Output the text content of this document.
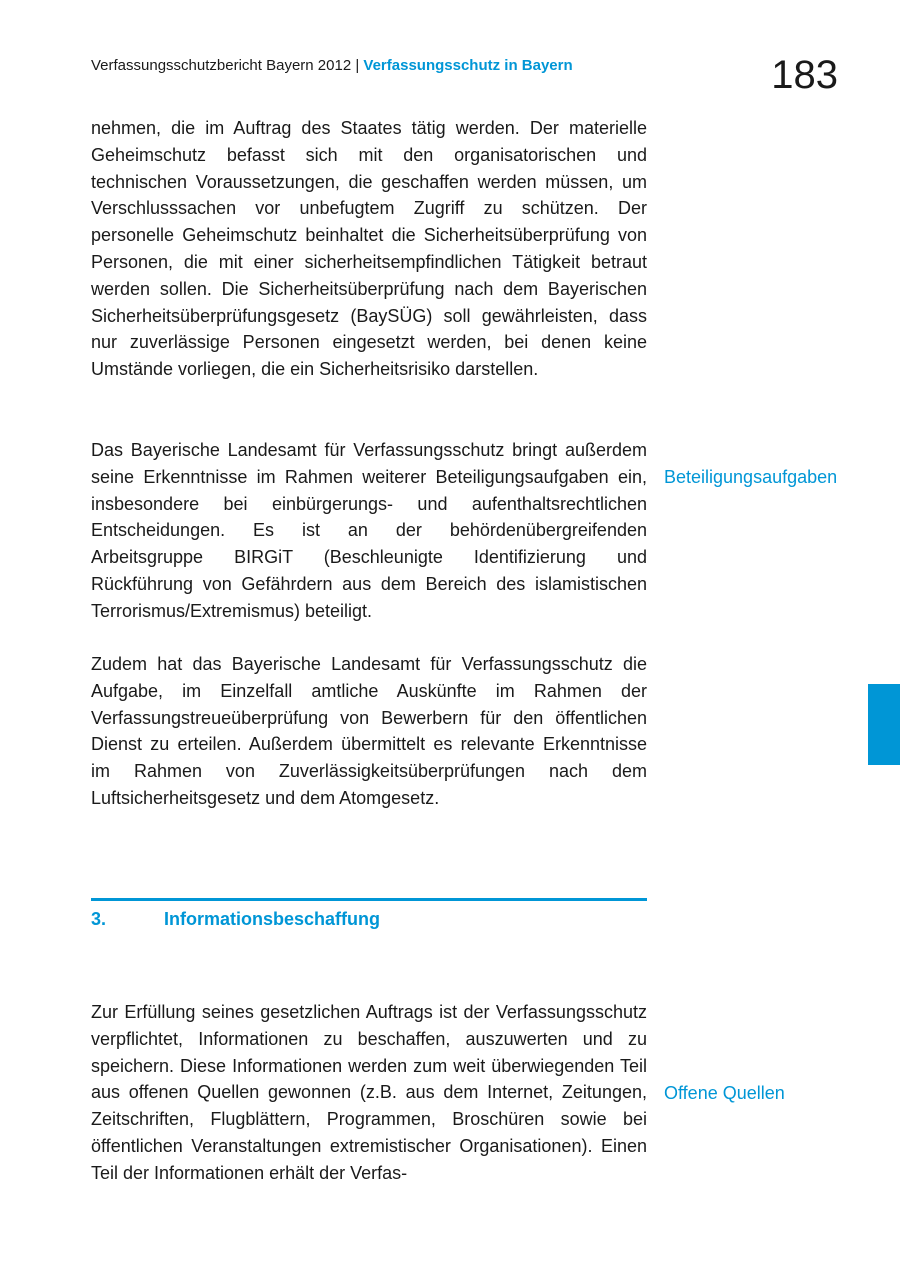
Verfassungsschutzbericht Bayern 2012 | Verfassungsschutz in Bayern	183

nehmen, die im Auftrag des Staates tätig werden. Der materielle Geheimschutz befasst sich mit den organisatorischen und technischen Voraussetzungen, die geschaffen werden müssen, um Verschlusssachen vor unbefugtem Zugriff zu schützen. Der personelle Geheimschutz beinhaltet die Sicherheitsüberprüfung von Personen, die mit einer sicherheitsempfindlichen Tätigkeit betraut werden sollen. Die Sicherheitsüberprüfung nach dem Bayerischen Sicherheitsüberprüfungsgesetz (BaySÜG) soll gewährleisten, dass nur zuverlässige Personen eingesetzt werden, bei denen keine Umstände vorliegen, die ein Sicherheitsrisiko darstellen.

Das Bayerische Landesamt für Verfassungsschutz bringt außerdem seine Erkenntnisse im Rahmen weiterer Beteiligungsaufgaben ein, insbesondere bei einbürgerungs- und aufenthaltsrechtlichen Entscheidungen. Es ist an der behördenübergreifenden Arbeitsgruppe BIRGiT (Beschleunigte Identifizierung und Rückführung von Gefährdern aus dem Bereich des islamistischen Terrorismus/Extremismus) beteiligt.

Beteiligungsaufgaben

Zudem hat das Bayerische Landesamt für Verfassungsschutz die Aufgabe, im Einzelfall amtliche Auskünfte im Rahmen der Verfassungstreueüberprüfung von Bewerbern für den öffentlichen Dienst zu erteilen. Außerdem übermittelt es relevante Erkenntnisse im Rahmen von Zuverlässigkeitsüberprüfungen nach dem Luftsicherheitsgesetz und dem Atomgesetz.

3.	Informationsbeschaffung

Zur Erfüllung seines gesetzlichen Auftrags ist der Verfassungsschutz verpflichtet, Informationen zu beschaffen, auszuwerten und zu speichern. Diese Informationen werden zum weit überwiegenden Teil aus offenen Quellen gewonnen (z.B. aus dem Internet, Zeitungen, Zeitschriften, Flugblättern, Programmen, Broschüren sowie bei öffentlichen Veranstaltungen extremistischer Organisationen). Einen Teil der Informationen erhält der Verfas-

Offene Quellen
